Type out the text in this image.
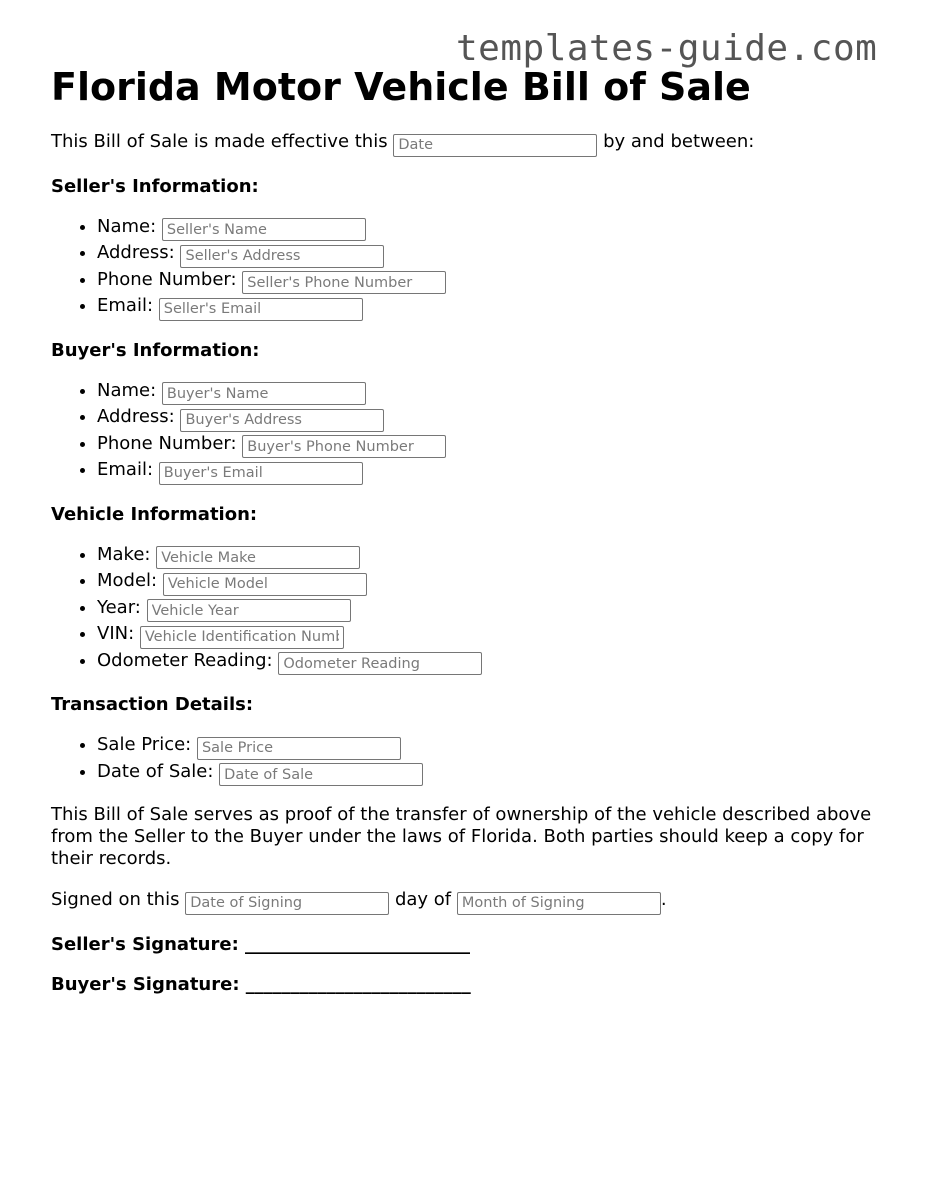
templates-guide.com
Florida Motor Vehicle Bill of Sale
This Bill of Sale is made effective this Date	by and between:
Seller's Information:
• Name: Seller's Name
• Address: Seller's Address
• Phone Number: Seller's Phone Number
• Email: Seller's Email
Buyer's Information:
• Name: Buyer's Name
• Address: Buyer's Address
• Phone Number: Buyer's Phone Number
• Email: Buyer's Email
Vehicle Information:
• Make: Vehicle Make
• Model: Vehicle Model
• Year: Vehicle Year
• VIN: Vehicle Identification Number
• Odometer Reading: Odometer Reading
Transaction Details:
• Sale Price: Sale Price
• Date of Sale: Date of Sale
This Bill of Sale serves as proof of the transfer of ownership of the vehicle described above from the Seller to the Buyer under the laws of Florida. Both parties should keep a copy for their records.
Signed on this Date of Signing	day of Month of Signing	.
Seller's Signature: _________________________
Buyer's Signature: _________________________
